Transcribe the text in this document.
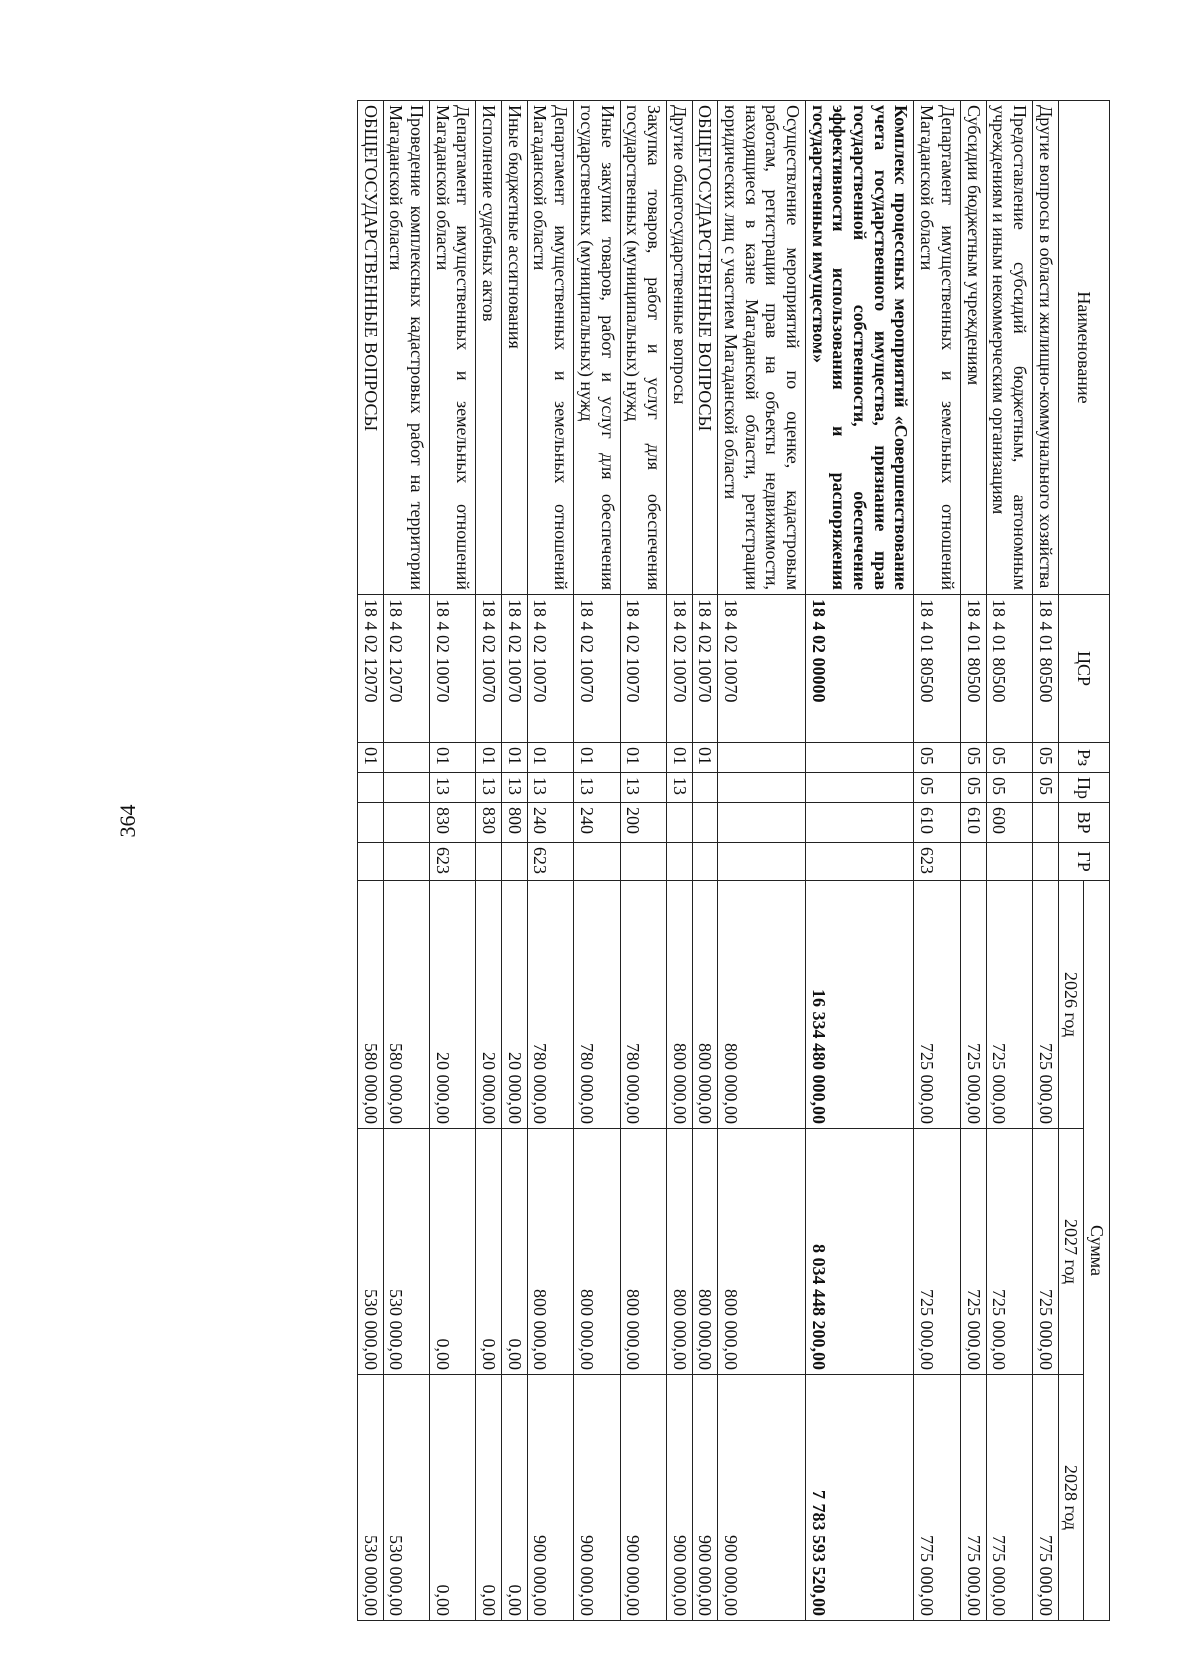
364
Наименование	ЦСР	Рз	Пр	ВР	ГР	Сумма		
						2026 год	2027 год	2028 год
Другие вопросы в области жилищно-коммунального хозяйства	18 4 01 80500	05	05			725 000,00	725 000,00	775 000,00
Предоставление субсидий бюджетным, автономным учреждениям и иным некоммерческим организациям	18 4 01 80500	05	05	600		725 000,00	725 000,00	775 000,00
Субсидии бюджетным учреждениям	18 4 01 80500	05	05	610		725 000,00	725 000,00	775 000,00
Департамент имущественных и земельных отношений Магаданской области	18 4 01 80500	05	05	610	623	725 000,00	725 000,00	775 000,00
Комплекс процессных мероприятий «Совершенствование учета государственного имущества, признание прав государственной собственности, обеспечение эффективности использования и распоряжения государственным имуществом»	18 4 02 00000					16 334 480 000,00	8 034 448 200,00	7 783 593 520,00
Осуществление мероприятий по оценке, кадастровым работам, регистрации прав на объекты недвижимости, находящиеся в казне Магаданской области, регистрации юридических лиц с участием Магаданской области	18 4 02 10070					800 000,00	800 000,00	900 000,00
ОБЩЕГОСУДАРСТВЕННЫЕ ВОПРОСЫ	18 4 02 10070	01				800 000,00	800 000,00	900 000,00
Другие общегосударственные вопросы	18 4 02 10070	01	13			800 000,00	800 000,00	900 000,00
Закупка товаров, работ и услуг для обеспечения государственных (муниципальных) нужд	18 4 02 10070	01	13	200		780 000,00	800 000,00	900 000,00
Иные закупки товаров, работ и услуг для обеспечения государственных (муниципальных) нужд	18 4 02 10070	01	13	240		780 000,00	800 000,00	900 000,00
Департамент имущественных и земельных отношений Магаданской области	18 4 02 10070	01	13	240	623	780 000,00	800 000,00	900 000,00
Иные бюджетные ассигнования	18 4 02 10070	01	13	800		20 000,00	0,00	0,00
Исполнение судебных актов	18 4 02 10070	01	13	830		20 000,00	0,00	0,00
Департамент имущественных и земельных отношений Магаданской области	18 4 02 10070	01	13	830	623	20 000,00	0,00	0,00
Проведение комплексных кадастровых работ на территории Магаданской области	18 4 02 12070					580 000,00	530 000,00	530 000,00
ОБЩЕГОСУДАРСТВЕННЫЕ ВОПРОСЫ	18 4 02 12070	01				580 000,00	530 000,00	530 000,00
